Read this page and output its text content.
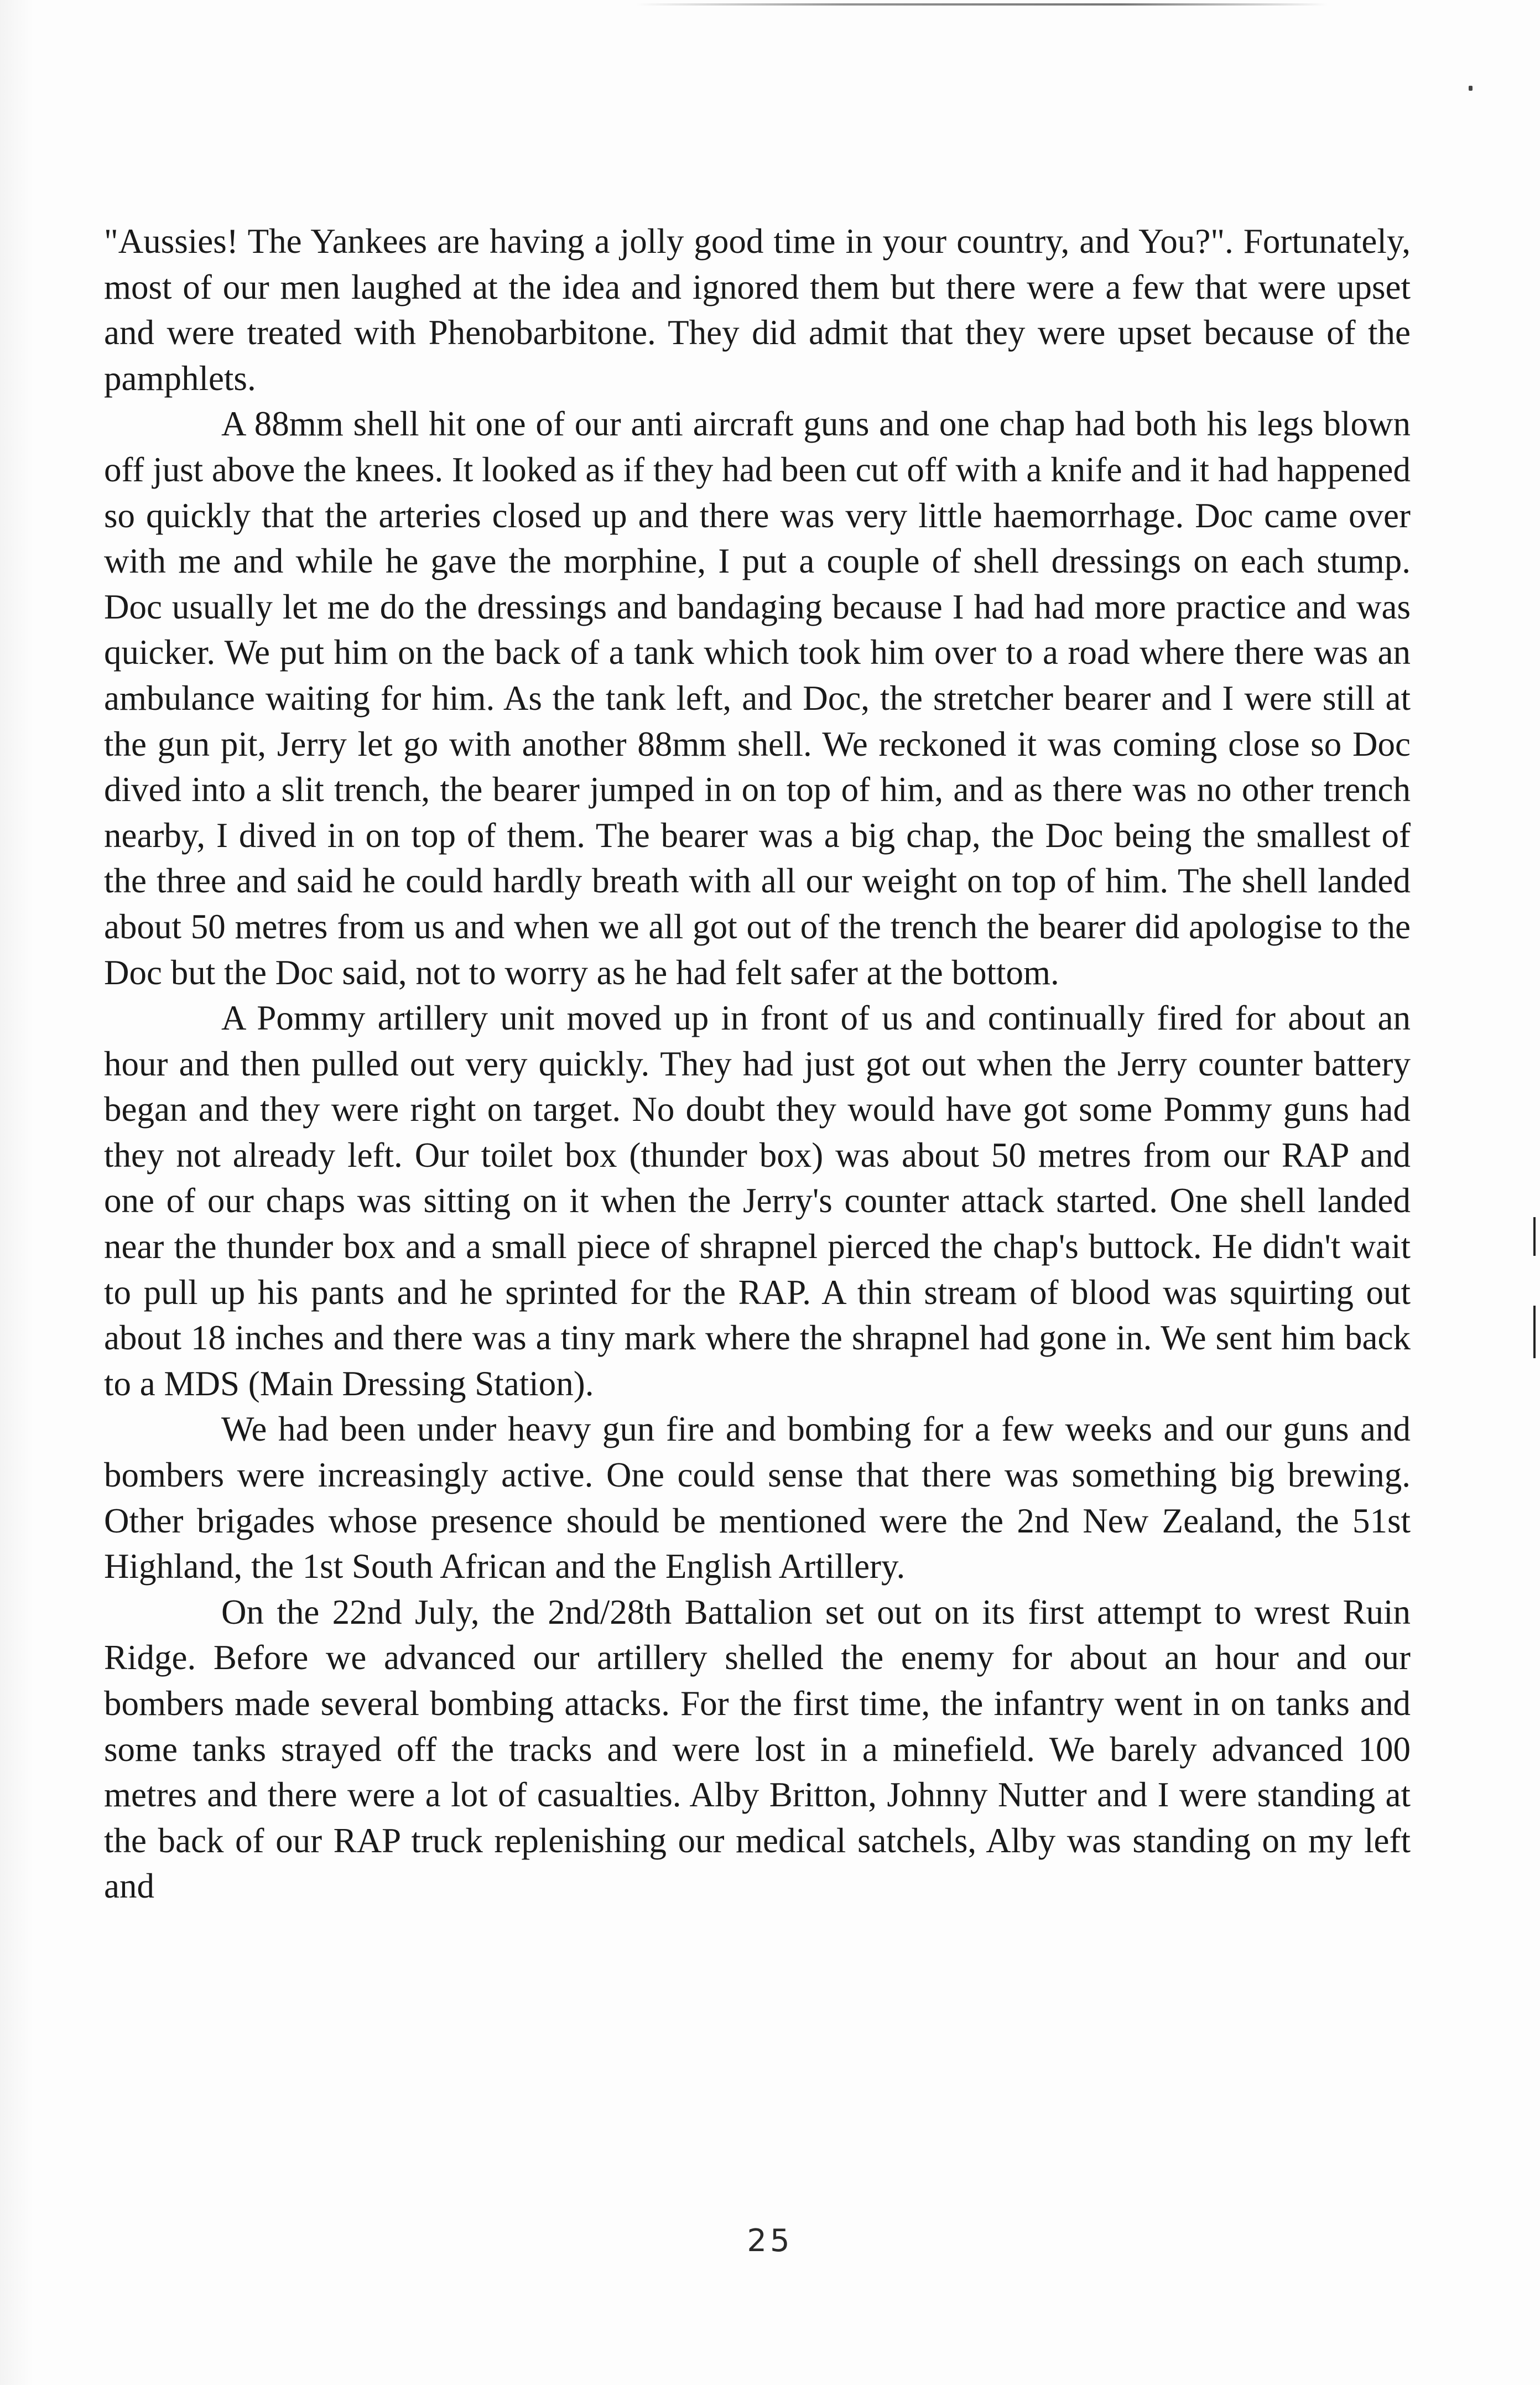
"Aussies! The Yankees are having a jolly good time in your country, and You?". Fortunately, most of our men laughed at the idea and ignored them but there were a few that were upset and were treated with Phenobarbitone. They did admit that they were upset because of the pamphlets.

A 88mm shell hit one of our anti aircraft guns and one chap had both his legs blown off just above the knees. It looked as if they had been cut off with a knife and it had happened so quickly that the arteries closed up and there was very little haemorrhage. Doc came over with me and while he gave the morphine, I put a couple of shell dressings on each stump. Doc usually let me do the dressings and bandaging because I had had more practice and was quicker. We put him on the back of a tank which took him over to a road where there was an ambulance waiting for him. As the tank left, and Doc, the stretcher bearer and I were still at the gun pit, Jerry let go with another 88mm shell. We reckoned it was coming close so Doc dived into a slit trench, the bearer jumped in on top of him, and as there was no other trench nearby, I dived in on top of them. The bearer was a big chap, the Doc being the smallest of the three and said he could hardly breath with all our weight on top of him. The shell landed about 50 metres from us and when we all got out of the trench the bearer did apologise to the Doc but the Doc said, not to worry as he had felt safer at the bottom.

A Pommy artillery unit moved up in front of us and continually fired for about an hour and then pulled out very quickly. They had just got out when the Jerry counter battery began and they were right on target. No doubt they would have got some Pommy guns had they not already left. Our toilet box (thunder box) was about 50 metres from our RAP and one of our chaps was sitting on it when the Jerry's counter attack started. One shell landed near the thunder box and a small piece of shrapnel pierced the chap's buttock. He didn't wait to pull up his pants and he sprinted for the RAP. A thin stream of blood was squirting out about 18 inches and there was a tiny mark where the shrapnel had gone in. We sent him back to a MDS (Main Dressing Station).

We had been under heavy gun fire and bombing for a few weeks and our guns and bombers were increasingly active. One could sense that there was something big brewing. Other brigades whose presence should be mentioned were the 2nd New Zealand, the 51st Highland, the 1st South African and the English Artillery.

On the 22nd July, the 2nd/28th Battalion set out on its first attempt to wrest Ruin Ridge. Before we advanced our artillery shelled the enemy for about an hour and our bombers made several bombing attacks. For the first time, the infantry went in on tanks and some tanks strayed off the tracks and were lost in a minefield. We barely advanced 100 metres and there were a lot of casualties. Alby Britton, Johnny Nutter and I were standing at the back of our RAP truck replenishing our medical satchels, Alby was standing on my left and

25
